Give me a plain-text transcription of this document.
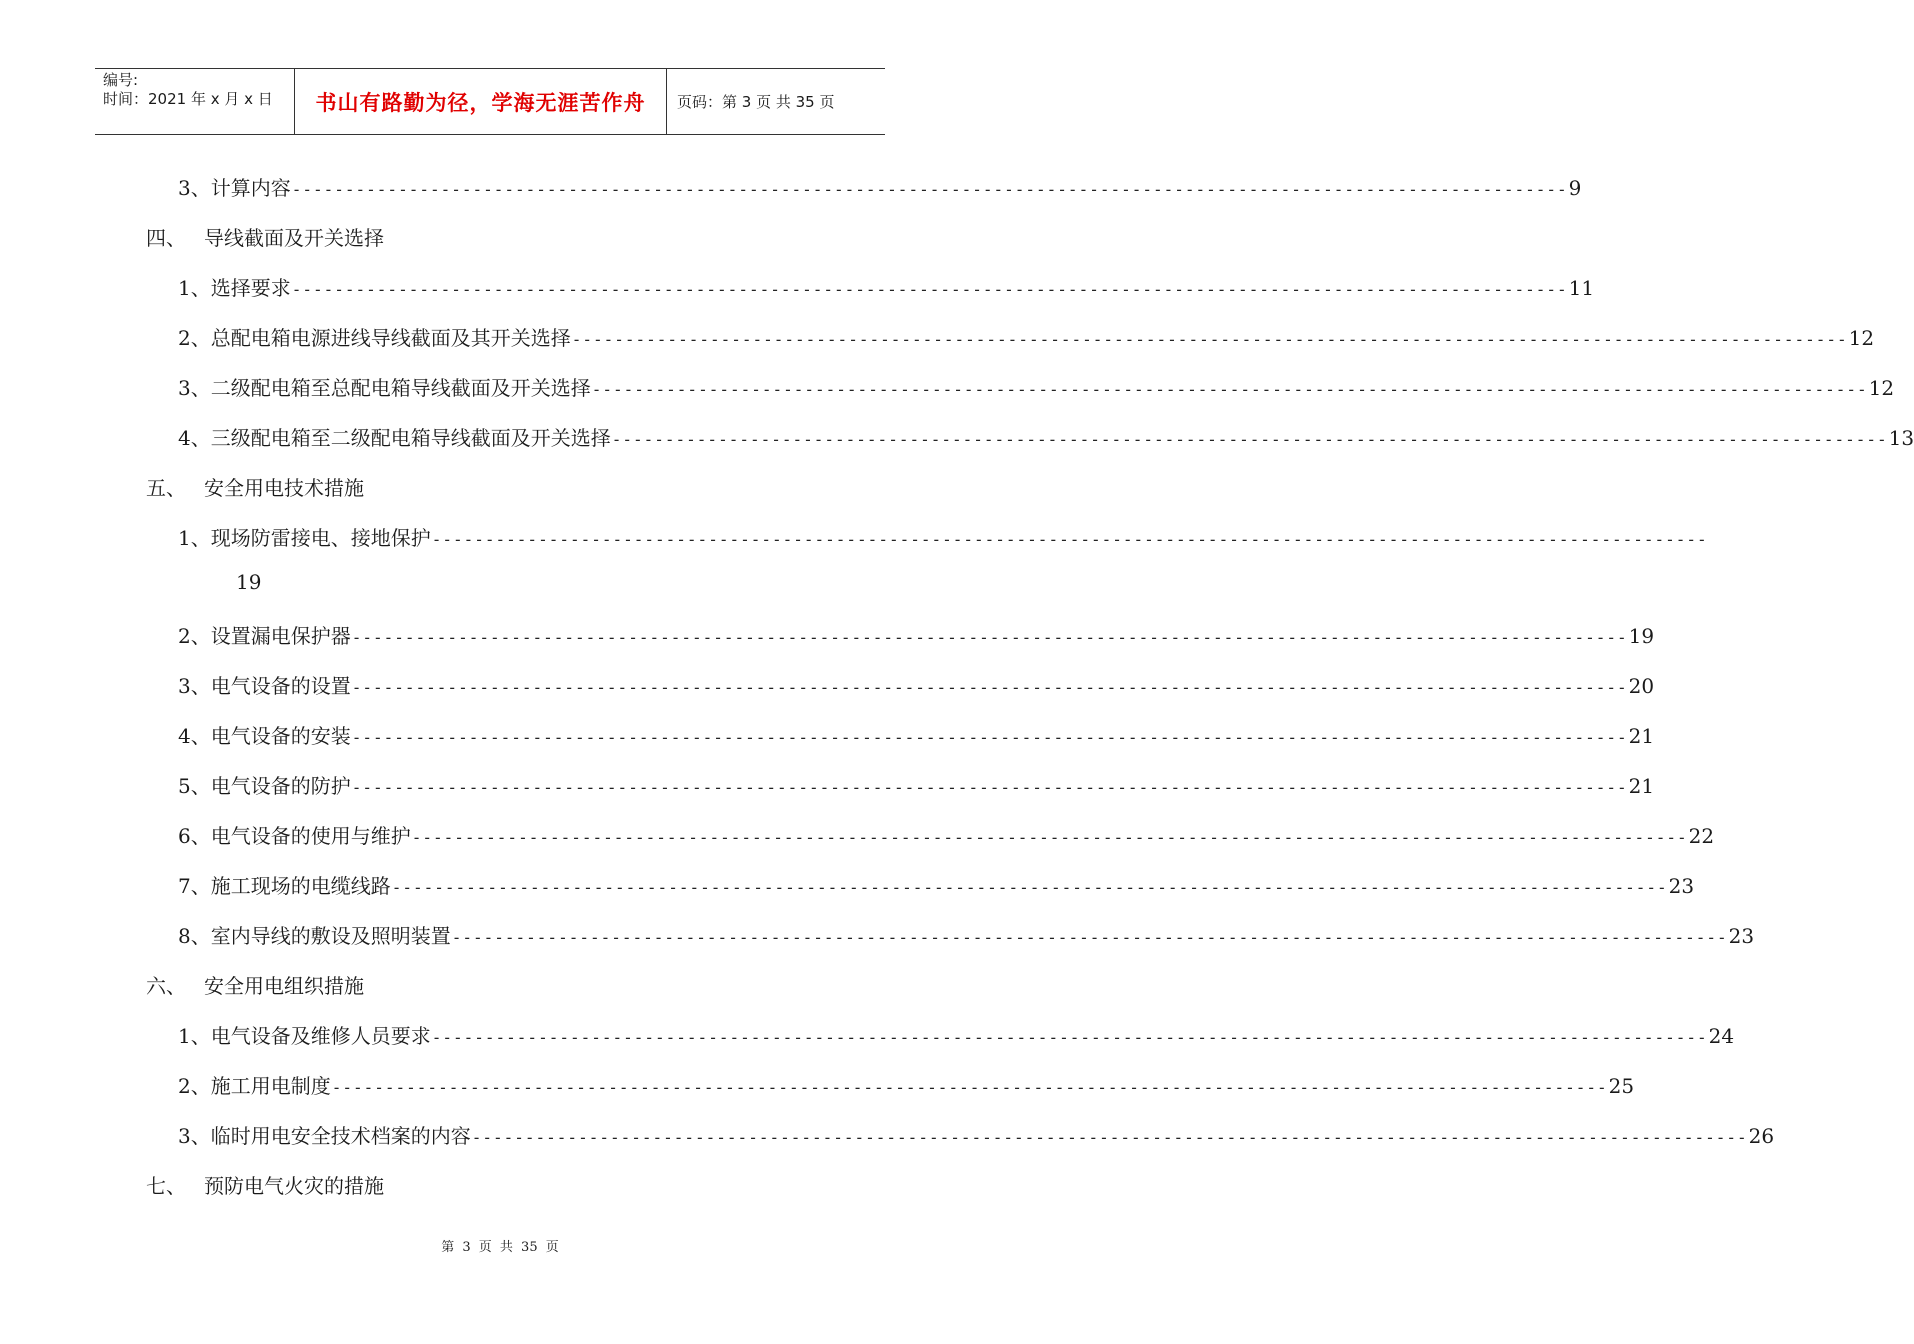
编号:
时间：2021 年 x 月 x 日	书山有路勤为径，学海无涯苦作舟	页码：第 3 页 共 35 页
3、 计算内容 ------------------------------------------------------------------------------------------------------------------------ 9
四、 导线截面及开关选择
1、 选择要求 ------------------------------------------------------------------------------------------------------------------------ 11
2、 总配电箱电源进线导线截面及其开关选择 ------------------------------------------------------------------------------------------------------------------------ 12
3、 二级配电箱至总配电箱导线截面及开关选择 ------------------------------------------------------------------------------------------------------------------------ 12
4、 三级配电箱至二级配电箱导线截面及开关选择 ------------------------------------------------------------------------------------------------------------------------ 13
五、 安全用电技术措施
1、 现场防雷接电、接地保护 ------------------------------------------------------------------------------------------------------------------------
19
2、 设置漏电保护器 ------------------------------------------------------------------------------------------------------------------------ 19
3、 电气设备的设置 ------------------------------------------------------------------------------------------------------------------------ 20
4、 电气设备的安装 ------------------------------------------------------------------------------------------------------------------------ 21
5、 电气设备的防护 ------------------------------------------------------------------------------------------------------------------------ 21
6、 电气设备的使用与维护 ------------------------------------------------------------------------------------------------------------------------ 22
7、 施工现场的电缆线路 ------------------------------------------------------------------------------------------------------------------------ 23
8、 室内导线的敷设及照明装置 ------------------------------------------------------------------------------------------------------------------------ 23
六、 安全用电组织措施
1、 电气设备及维修人员要求 ------------------------------------------------------------------------------------------------------------------------ 24
2、 施工用电制度 ------------------------------------------------------------------------------------------------------------------------ 25
3、 临时用电安全技术档案的内容 ------------------------------------------------------------------------------------------------------------------------ 26
七、 预防电气火灾的措施
第 3 页 共 35 页
